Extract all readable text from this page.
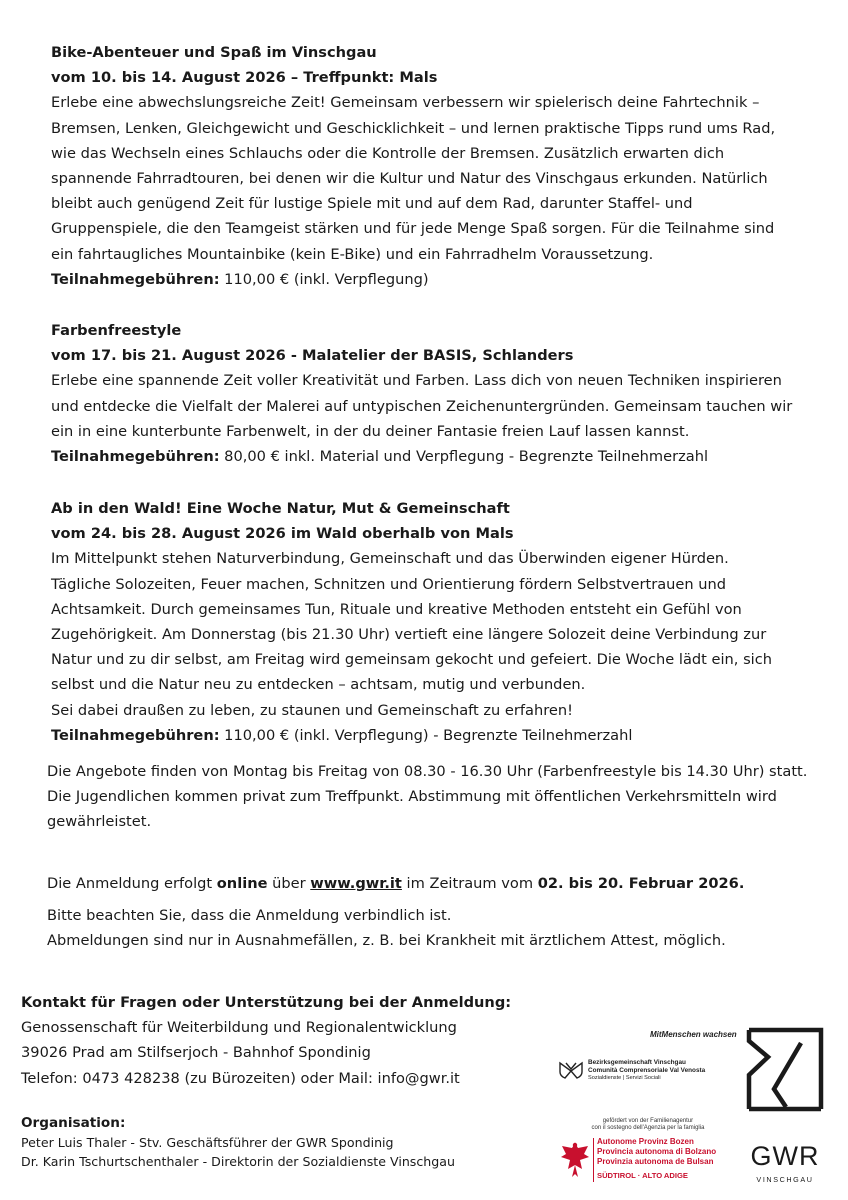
Bike-Abenteuer und Spaß im Vinschgau

vom 10. bis 14. August 2026 – Treffpunkt: Mals

Erlebe eine abwechslungsreiche Zeit! Gemeinsam verbessern wir spielerisch deine Fahrtechnik –

Bremsen, Lenken, Gleichgewicht und Geschicklichkeit – und lernen praktische Tipps rund ums Rad,

wie das Wechseln eines Schlauchs oder die Kontrolle der Bremsen. Zusätzlich erwarten dich

spannende Fahrradtouren, bei denen wir die Kultur und Natur des Vinschgaus erkunden. Natürlich

bleibt auch genügend Zeit für lustige Spiele mit und auf dem Rad, darunter Staffel- und

Gruppenspiele, die den Teamgeist stärken und für jede Menge Spaß sorgen. Für die Teilnahme sind

ein fahrtaugliches Mountainbike (kein E-Bike) und ein Fahrradhelm Voraussetzung.

Teilnahmegebühren: 110,00 € (inkl. Verpflegung)

Farbenfreestyle

vom 17. bis 21. August 2026 - Malatelier der BASIS, Schlanders

Erlebe eine spannende Zeit voller Kreativität und Farben. Lass dich von neuen Techniken inspirieren

und entdecke die Vielfalt der Malerei auf untypischen Zeichenuntergründen. Gemeinsam tauchen wir

ein in eine kunterbunte Farbenwelt, in der du deiner Fantasie freien Lauf lassen kannst.

Teilnahmegebühren: 80,00 € inkl. Material und Verpflegung - Begrenzte Teilnehmerzahl

Ab in den Wald! Eine Woche Natur, Mut & Gemeinschaft

vom 24. bis 28. August 2026 im Wald oberhalb von Mals

Im Mittelpunkt stehen Naturverbindung, Gemeinschaft und das Überwinden eigener Hürden.

Tägliche Solozeiten, Feuer machen, Schnitzen und Orientierung fördern Selbstvertrauen und

Achtsamkeit. Durch gemeinsames Tun, Rituale und kreative Methoden entsteht ein Gefühl von

Zugehörigkeit. Am Donnerstag (bis 21.30 Uhr) vertieft eine längere Solozeit deine Verbindung zur

Natur und zu dir selbst, am Freitag wird gemeinsam gekocht und gefeiert. Die Woche lädt ein, sich

selbst und die Natur neu zu entdecken – achtsam, mutig und verbunden.

Sei dabei draußen zu leben, zu staunen und Gemeinschaft zu erfahren!

Teilnahmegebühren: 110,00 € (inkl. Verpflegung) - Begrenzte Teilnehmerzahl

Die Angebote finden von Montag bis Freitag von 08.30 - 16.30 Uhr (Farbenfreestyle bis 14.30 Uhr) statt.

Die Jugendlichen kommen privat zum Treffpunkt. Abstimmung mit öffentlichen Verkehrsmitteln wird

gewährleistet.

Die Anmeldung erfolgt online über www.gwr.it im Zeitraum vom 02. bis 20. Februar 2026.

Bitte beachten Sie, dass die Anmeldung verbindlich ist.

Abmeldungen sind nur in Ausnahmefällen, z. B. bei Krankheit mit ärztlichem Attest, möglich.

Kontakt für Fragen oder Unterstützung bei der Anmeldung:

Genossenschaft für Weiterbildung und Regionalentwicklung

39026 Prad am Stilfserjoch - Bahnhof Spondinig

Telefon: 0473 428238 (zu Bürozeiten) oder Mail: info@gwr.it

Organisation:

Peter Luis Thaler - Stv. Geschäftsführer der GWR Spondinig

Dr. Karin Tschurtschenthaler - Direktorin der Sozialdienste Vinschgau

MitMenschen wachsen
Bezirksgemeinschaft Vinschgau
Comunità Comprensoriale Val Venosta
Sozialdienste | Servizi Sociali
gefördert von der Familienagentur
con il sostegno dell'Agenzia per la famiglia
Autonome Provinz Bozen
Provincia autonoma di Bolzano
Provinzia autonoma de Bulsan
SÜDTIROL · ALTO ADIGE
GWR
VINSCHGAU
